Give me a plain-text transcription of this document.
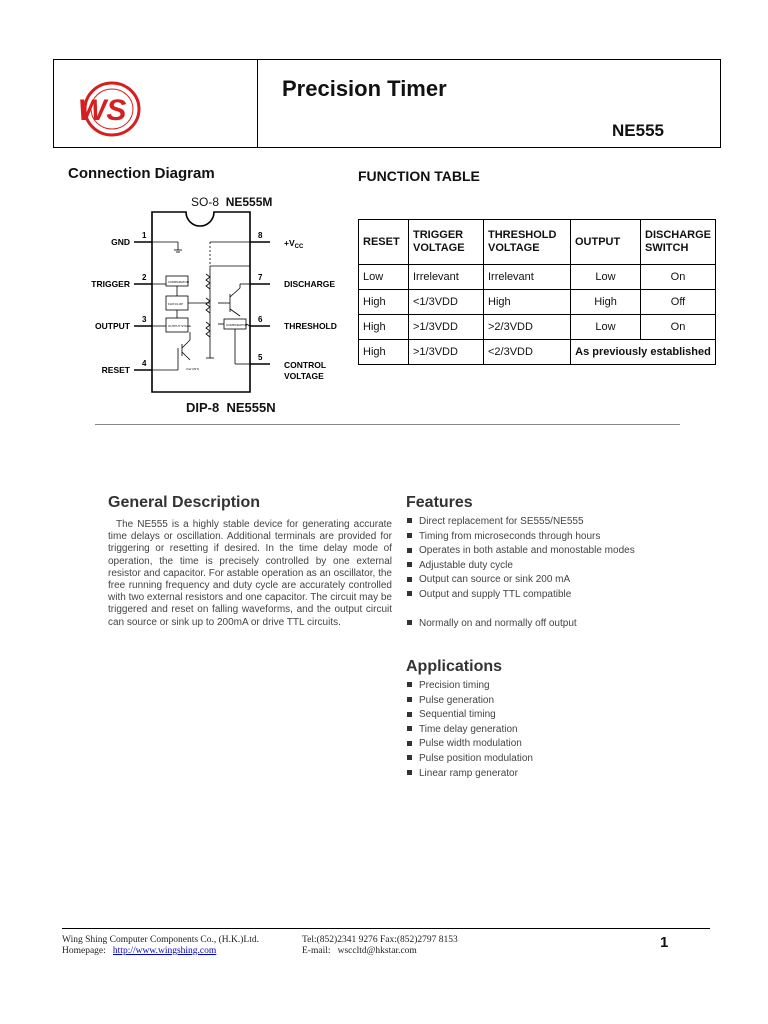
WS
Precision Timer
NE555
Connection Diagram
SO-8 NE555M
1
2
3
4
8
7
6
5
GND
TRIGGER
OUTPUT
RESET
$+V_{CC}$
DISCHARGE
THRESHOLD
CONTROL
VOLTAGE
COMPARATOR
FLIP-FLOP
OUTPUT STAGE	COMPARATOR
Vref (INT)
DIP-8 NE555N
FUNCTION TABLE
RESET	TRIGGER VOLTAGE	THRESHOLD VOLTAGE	OUTPUT	DISCHARGE SWITCH
Low	Irrelevant	Irrelevant	Low	On
High	<1/3VDD	High	High	Off
High	>1/3VDD	>2/3VDD	Low	On
High	>1/3VDD	<2/3VDD	As previously established	
General Description
The NE555 is a highly stable device for generating accurate time delays or oscillation. Additional terminals are provided for triggering or resetting if desired. In the time delay mode of operation, the time is precisely controlled by one external resistor and capacitor. For astable operation as an oscillator, the free running frequency and duty cycle are accurately controlled with two external resistors and one capacitor. The circuit may be triggered and reset on falling waveforms, and the output circuit can source or sink up to 200mA or drive TTL circuits.
Features
Direct replacement for SE555/NE555
Timing from microseconds through hours
Operates in both astable and monostable modes
Adjustable duty cycle
Output can source or sink 200 mA
Output and supply TTL compatible
Normally on and normally off output
Applications
Precision timing
Pulse generation
Sequential timing
Time delay generation
Pulse width modulation
Pulse position modulation
Linear ramp generator
Wing Shing Computer Components Co., (H.K.)Ltd.
Homepage: http://www.wingshing.com
Tel:(852)2341 9276 Fax:(852)2797 8153
E-mail: wsccltd@hkstar.com	1
